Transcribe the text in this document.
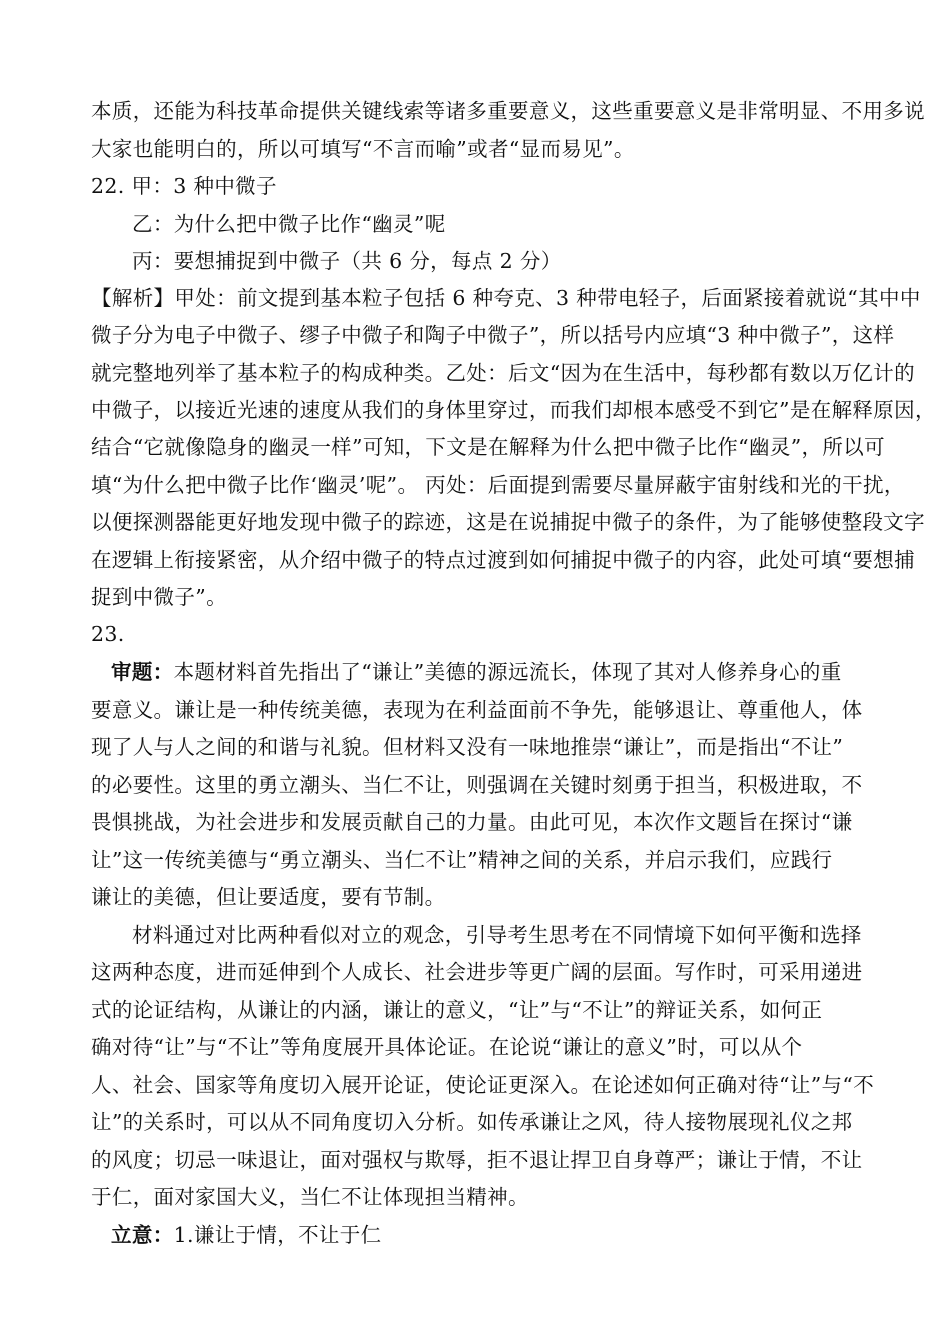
本质，还能为科技革命提供关键线索等诸多重要意义，这些重要意义是非常明显、不用多说
大家也能明白的，所以可填写“不言而喻”或者“显而易见”。
22. 甲：3 种中微子
乙：为什么把中微子比作“幽灵”呢
丙：要想捕捉到中微子（共 6 分，每点 2 分）
【解析】甲处：前文提到基本粒子包括 6 种夸克、3 种带电轻子，后面紧接着就说“其中中
微子分为电子中微子、缪子中微子和陶子中微子”，所以括号内应填“3 种中微子”，这样
就完整地列举了基本粒子的构成种类。乙处：后文“因为在生活中，每秒都有数以万亿计的
中微子，以接近光速的速度从我们的身体里穿过，而我们却根本感受不到它”是在解释原因，
结合“它就像隐身的幽灵一样”可知，下文是在解释为什么把中微子比作“幽灵”，所以可
填“为什么把中微子比作‘幽灵’呢”。 丙处：后面提到需要尽量屏蔽宇宙射线和光的干扰，
以便探测器能更好地发现中微子的踪迹，这是在说捕捉中微子的条件，为了能够使整段文字
在逻辑上衔接紧密，从介绍中微子的特点过渡到如何捕捉中微子的内容，此处可填“要想捕
捉到中微子”。
23.
审题：本题材料首先指出了“谦让”美德的源远流长，体现了其对人修养身心的重
要意义。谦让是一种传统美德，表现为在利益面前不争先，能够退让、尊重他人，体
现了人与人之间的和谐与礼貌。但材料又没有一味地推崇“谦让”，而是指出“不让”
的必要性。这里的勇立潮头、当仁不让，则强调在关键时刻勇于担当，积极进取，不
畏惧挑战，为社会进步和发展贡献自己的力量。由此可见，本次作文题旨在探讨“谦
让”这一传统美德与“勇立潮头、当仁不让”精神之间的关系，并启示我们，应践行
谦让的美德，但让要适度，要有节制。
材料通过对比两种看似对立的观念，引导考生思考在不同情境下如何平衡和选择
这两种态度，进而延伸到个人成长、社会进步等更广阔的层面。写作时，可采用递进
式的论证结构，从谦让的内涵，谦让的意义，“让”与“不让”的辩证关系，如何正
确对待“让”与“不让”等角度展开具体论证。在论说“谦让的意义”时，可以从个
人、社会、国家等角度切入展开论证，使论证更深入。在论述如何正确对待“让”与“不
让”的关系时，可以从不同角度切入分析。如传承谦让之风，待人接物展现礼仪之邦
的风度；切忌一味退让，面对强权与欺辱，拒不退让捍卫自身尊严；谦让于情，不让
于仁，面对家国大义，当仁不让体现担当精神。
立意：1.谦让于情，不让于仁
